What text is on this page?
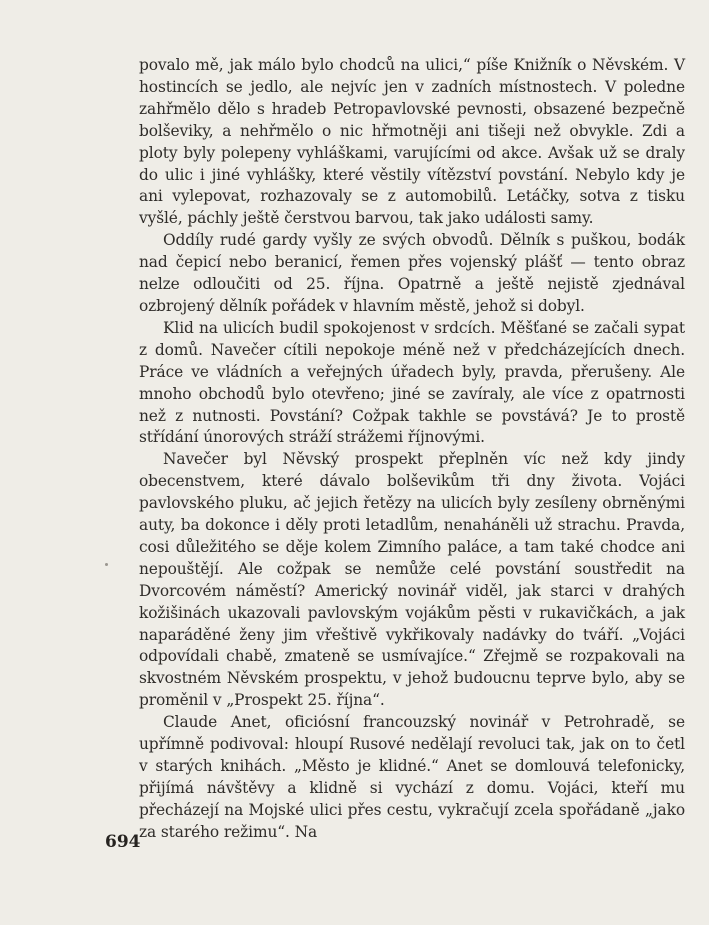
povalo mě, jak málo bylo chodců na ulici,“ píše Knižník o Něvském. V hostincích se jedlo, ale nejvíc jen v zadních místnostech. V poledne zahřmělo dělo s hradeb Petropavlovské pevnosti, obsazené bezpečně bolševiky, a nehřmělo o nic hřmotněji ani tišeji než obvykle. Zdi a ploty byly polepeny vyhláškami, varujícími od akce. Avšak už se draly do ulic i jiné vyhlášky, které věstily vítězství povstání. Nebylo kdy je ani vylepovat, rozhazovaly se z automobilů. Letáčky, sotva z tisku vyšlé, páchly ještě čerstvou barvou, tak jako události samy.

Oddíly rudé gardy vyšly ze svých obvodů. Dělník s puškou, bodák nad čepicí nebo beranicí, řemen přes vojenský plášť — tento obraz nelze odloučiti od 25. října. Opatrně a ještě nejistě zjednával ozbrojený dělník pořádek v hlavním městě, jehož si dobyl.

Klid na ulicích budil spokojenost v srdcích. Měšťané se začali sypat z domů. Navečer cítili nepokoje méně než v předcházejících dnech. Práce ve vládních a veřejných úřadech byly, pravda, přerušeny. Ale mnoho obchodů bylo otevřeno; jiné se zavíraly, ale více z opatrnosti než z nutnosti. Povstání? Cožpak takhle se povstává? Je to prostě střídání únorových stráží strážemi říjnovými.

Navečer byl Něvský prospekt přeplněn víc než kdy jindy obecenstvem, které dávalo bolševikům tři dny života. Vojáci pavlovského pluku, ač jejich řetězy na ulicích byly zesíleny obrněnými auty, ba dokonce i děly proti letadlům, nenaháněli už strachu. Pravda, cosi důležitého se děje kolem Zimního paláce, a tam také chodce ani nepouštějí. Ale cožpak se nemůže celé povstání soustředit na Dvorcovém náměstí? Americký novinář viděl, jak starci v drahých kožišinách ukazovali pavlovským vojákům pěsti v rukavičkách, a jak naparáděné ženy jim vřeštivě vykřikovaly nadávky do tváří. „Vojáci odpovídali chabě, zmateně se usmívajíce.“ Zřejmě se rozpakovali na skvostném Něvském prospektu, v jehož budoucnu teprve bylo, aby se proměnil v „Prospekt 25. října“.

Claude Anet, oficiósní francouzský novinář v Petrohradě, se upřímně podivoval: hloupí Rusové nedělají revoluci tak, jak on to četl v starých knihách. „Město je klidné.“ Anet se domlouvá telefonicky, přijímá návštěvy a klidně si vychází z domu. Vojáci, kteří mu přecházejí na Mojské ulici přes cestu, vykračují zcela spořádaně „jako za starého režimu“. Na

694
